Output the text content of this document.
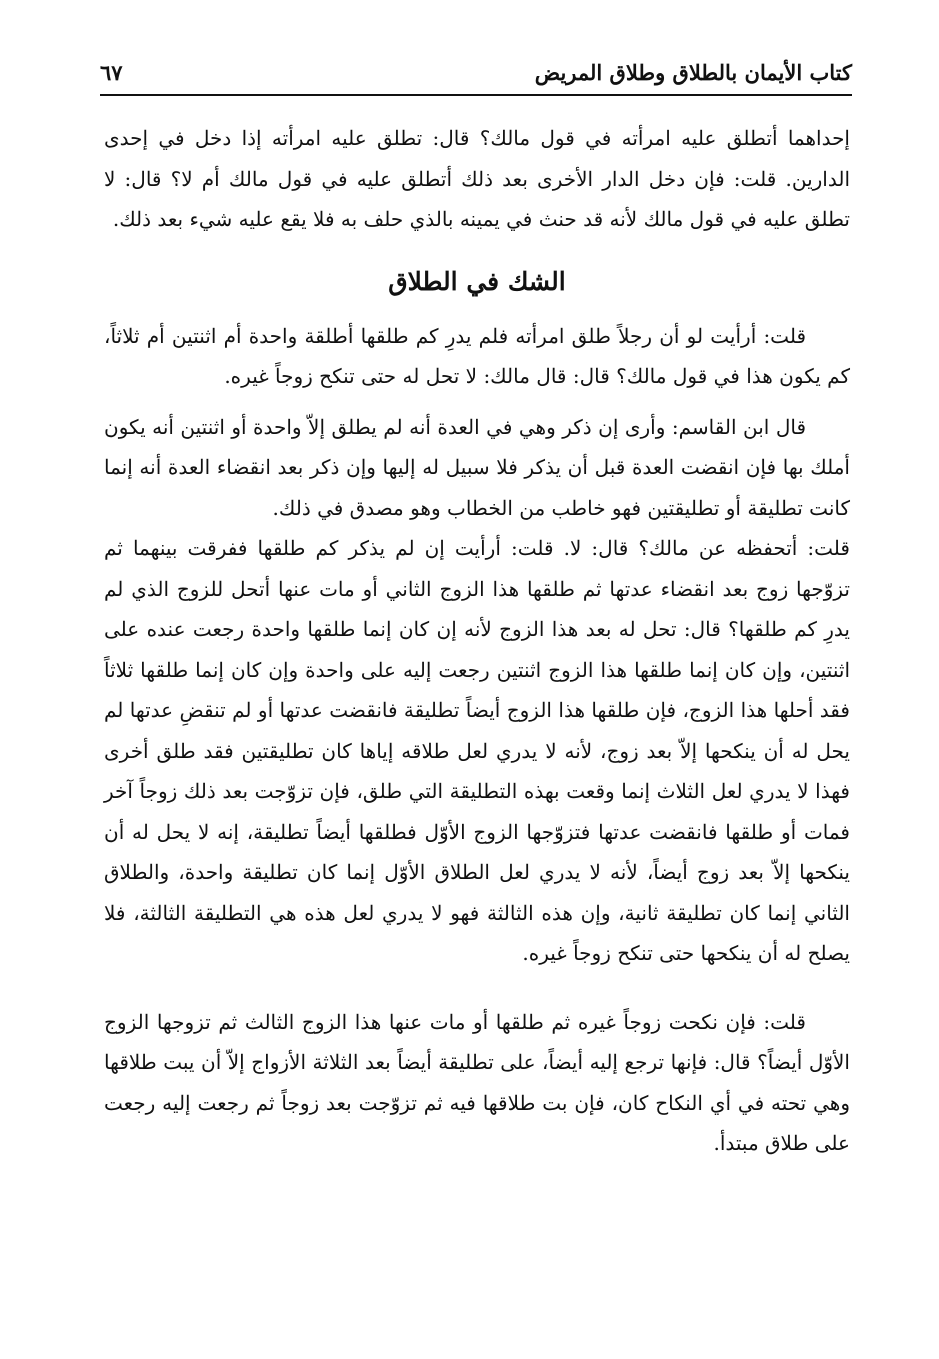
كتاب الأيمان بالطلاق وطلاق المريض
٦٧

إحداهما أتطلق عليه امرأته في قول مالك؟ قال: تطلق عليه امرأته إذا دخل في إحدى الدارين. قلت: فإن دخل الدار الأخرى بعد ذلك أتطلق عليه في قول مالك أم لا؟ قال: لا تطلق عليه في قول مالك لأنه قد حنث في يمينه بالذي حلف به فلا يقع عليه شيء بعد ذلك.

الشك في الطلاق

قلت: أرأيت لو أن رجلاً طلق امرأته فلم يدرِ كم طلقها أطلقة واحدة أم اثنتين أم ثلاثاً، كم يكون هذا في قول مالك؟ قال: قال مالك: لا تحل له حتى تنكح زوجاً غيره.

قال ابن القاسم: وأرى إن ذكر وهي في العدة أنه لم يطلق إلاّ واحدة أو اثنتين أنه يكون أملك بها فإن انقضت العدة قبل أن يذكر فلا سبيل له إليها وإن ذكر بعد انقضاء العدة أنه إنما كانت تطليقة أو تطليقتين فهو خاطب من الخطاب وهو مصدق في ذلك.

قلت: أتحفظه عن مالك؟ قال: لا. قلت: أرأيت إن لم يذكر كم طلقها ففرقت بينهما ثم تزوّجها زوج بعد انقضاء عدتها ثم طلقها هذا الزوج الثاني أو مات عنها أتحل للزوج الذي لم يدرِ كم طلقها؟ قال: تحل له بعد هذا الزوج لأنه إن كان إنما طلقها واحدة رجعت عنده على اثنتين، وإن كان إنما طلقها هذا الزوج اثنتين رجعت إليه على واحدة وإن كان إنما طلقها ثلاثاً فقد أحلها هذا الزوج، فإن طلقها هذا الزوج أيضاً تطليقة فانقضت عدتها أو لم تنقضِ عدتها لم يحل له أن ينكحها إلاّ بعد زوج، لأنه لا يدري لعل طلاقه إياها كان تطليقتين فقد طلق أخرى فهذا لا يدري لعل الثلاث إنما وقعت بهذه التطليقة التي طلق، فإن تزوّجت بعد ذلك زوجاً آخر فمات أو طلقها فانقضت عدتها فتزوّجها الزوج الأوّل فطلقها أيضاً تطليقة، إنه لا يحل له أن ينكحها إلاّ بعد زوج أيضاً، لأنه لا يدري لعل الطلاق الأوّل إنما كان تطليقة واحدة، والطلاق الثاني إنما كان تطليقة ثانية، وإن هذه الثالثة فهو لا يدري لعل هذه هي التطليقة الثالثة، فلا يصلح له أن ينكحها حتى تنكح زوجاً غيره.

قلت: فإن نكحت زوجاً غيره ثم طلقها أو مات عنها هذا الزوج الثالث ثم تزوجها الزوج الأوّل أيضاً؟ قال: فإنها ترجع إليه أيضاً، على تطليقة أيضاً بعد الثلاثة الأزواج إلاّ أن يبت طلاقها وهي تحته في أي النكاح كان، فإن بت طلاقها فيه ثم تزوّجت بعد زوجاً ثم رجعت إليه رجعت على طلاق مبتدأ.
